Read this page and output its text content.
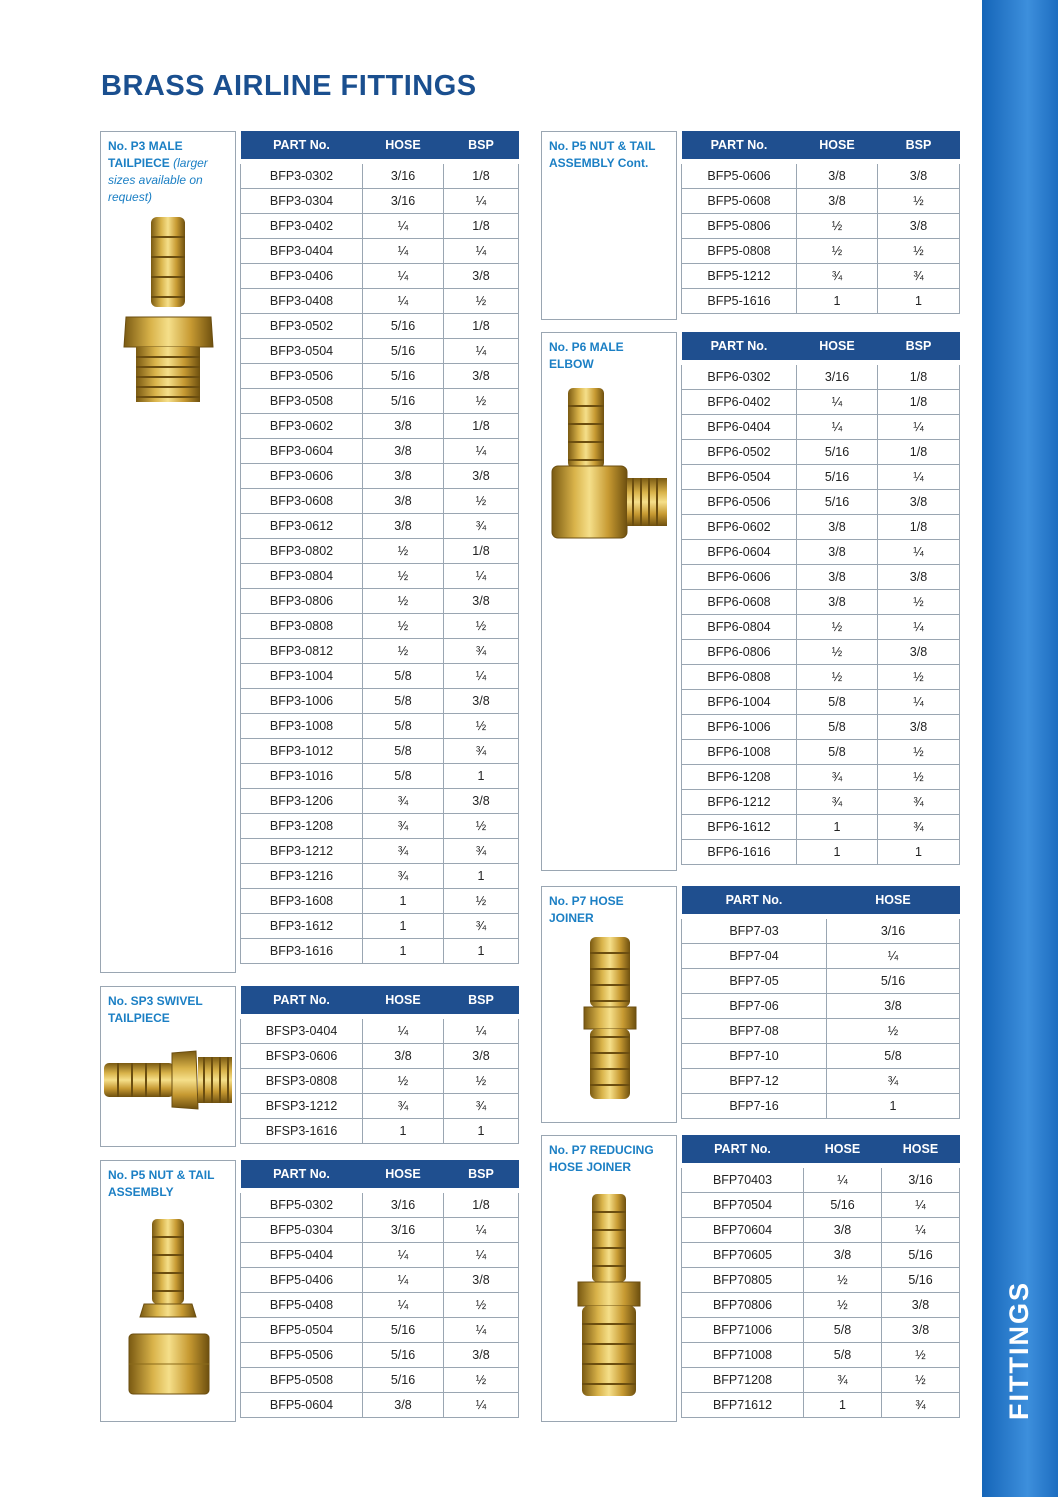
BRASS AIRLINE FITTINGS
FITTINGS
No. P3 MALE TAILPIECE (larger sizes available on request)
PART No.	HOSE	BSP
BFP3-0302	3/16	1/8
BFP3-0304	3/16	¼
BFP3-0402	¼	1/8
BFP3-0404	¼	¼
BFP3-0406	¼	3/8
BFP3-0408	¼	½
BFP3-0502	5/16	1/8
BFP3-0504	5/16	¼
BFP3-0506	5/16	3/8
BFP3-0508	5/16	½
BFP3-0602	3/8	1/8
BFP3-0604	3/8	¼
BFP3-0606	3/8	3/8
BFP3-0608	3/8	½
BFP3-0612	3/8	¾
BFP3-0802	½	1/8
BFP3-0804	½	¼
BFP3-0806	½	3/8
BFP3-0808	½	½
BFP3-0812	½	¾
BFP3-1004	5/8	¼
BFP3-1006	5/8	3/8
BFP3-1008	5/8	½
BFP3-1012	5/8	¾
BFP3-1016	5/8	1
BFP3-1206	¾	3/8
BFP3-1208	¾	½
BFP3-1212	¾	¾
BFP3-1216	¾	1
BFP3-1608	1	½
BFP3-1612	1	¾
BFP3-1616	1	1
No. SP3 SWIVEL TAILPIECE
PART No.	HOSE	BSP
BFSP3-0404	¼	¼
BFSP3-0606	3/8	3/8
BFSP3-0808	½	½
BFSP3-1212	¾	¾
BFSP3-1616	1	1
No. P5 NUT & TAIL ASSEMBLY
PART No.	HOSE	BSP
BFP5-0302	3/16	1/8
BFP5-0304	3/16	¼
BFP5-0404	¼	¼
BFP5-0406	¼	3/8
BFP5-0408	¼	½
BFP5-0504	5/16	¼
BFP5-0506	5/16	3/8
BFP5-0508	5/16	½
BFP5-0604	3/8	¼
No. P5 NUT & TAIL ASSEMBLY Cont.
PART No.	HOSE	BSP
BFP5-0606	3/8	3/8
BFP5-0608	3/8	½
BFP5-0806	½	3/8
BFP5-0808	½	½
BFP5-1212	¾	¾
BFP5-1616	1	1
No. P6 MALE ELBOW
PART No.	HOSE	BSP
BFP6-0302	3/16	1/8
BFP6-0402	¼	1/8
BFP6-0404	¼	¼
BFP6-0502	5/16	1/8
BFP6-0504	5/16	¼
BFP6-0506	5/16	3/8
BFP6-0602	3/8	1/8
BFP6-0604	3/8	¼
BFP6-0606	3/8	3/8
BFP6-0608	3/8	½
BFP6-0804	½	¼
BFP6-0806	½	3/8
BFP6-0808	½	½
BFP6-1004	5/8	¼
BFP6-1006	5/8	3/8
BFP6-1008	5/8	½
BFP6-1208	¾	½
BFP6-1212	¾	¾
BFP6-1612	1	¾
BFP6-1616	1	1
No. P7 HOSE JOINER
PART No.	HOSE
BFP7-03	3/16
BFP7-04	¼
BFP7-05	5/16
BFP7-06	3/8
BFP7-08	½
BFP7-10	5/8
BFP7-12	¾
BFP7-16	1
No. P7 REDUCING HOSE JOINER
PART No.	HOSE	HOSE
BFP70403	¼	3/16
BFP70504	5/16	¼
BFP70604	3/8	¼
BFP70605	3/8	5/16
BFP70805	½	5/16
BFP70806	½	3/8
BFP71006	5/8	3/8
BFP71008	5/8	½
BFP71208	¾	½
BFP71612	1	¾
